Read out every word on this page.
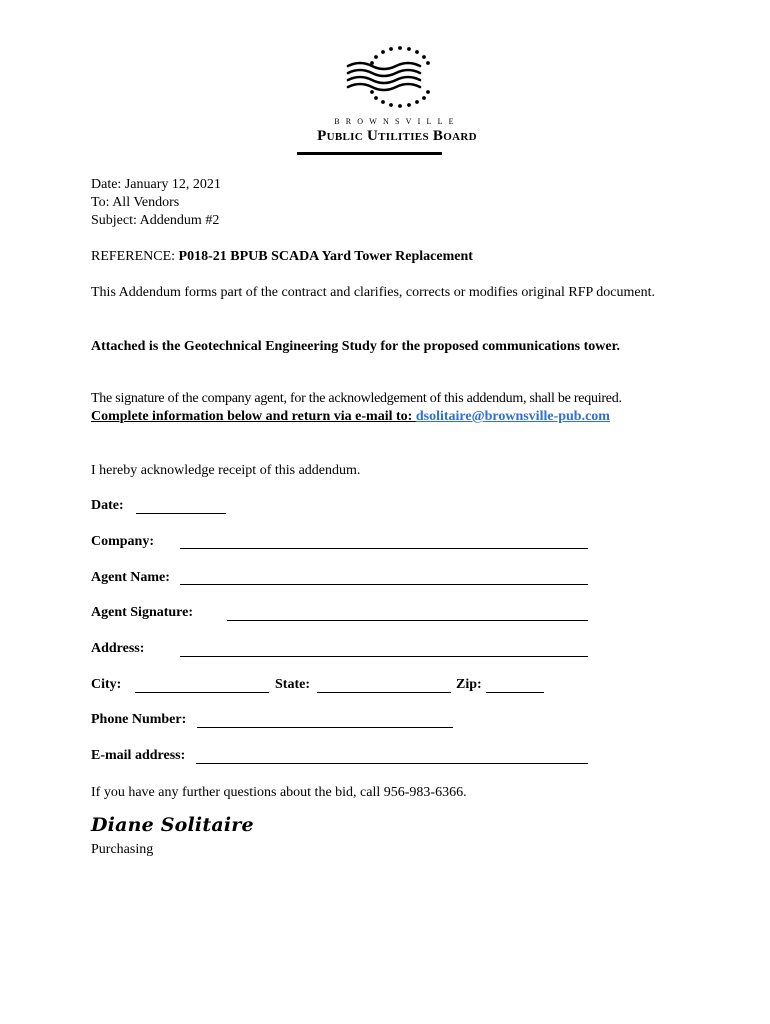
BROWNSVILLE
Public Utilities Board
Date: January 12, 2021
To: All Vendors
Subject: Addendum #2
REFERENCE: P018-21 BPUB SCADA Yard Tower Replacement
This Addendum forms part of the contract and clarifies, corrects or modifies original RFP document.
Attached is the Geotechnical Engineering Study for the proposed communications tower.
The signature of the company agent, for the acknowledgement of this addendum, shall be required.
Complete information below and return via e-mail to: dsolitaire@brownsville-pub.com
I hereby acknowledge receipt of this addendum.
Date:
Company:
Agent Name:
Agent Signature:
Address:
City:	State:	Zip:
Phone Number:
E-mail address:
If you have any further questions about the bid, call 956-983-6366.
Diane Solitaire
Purchasing
